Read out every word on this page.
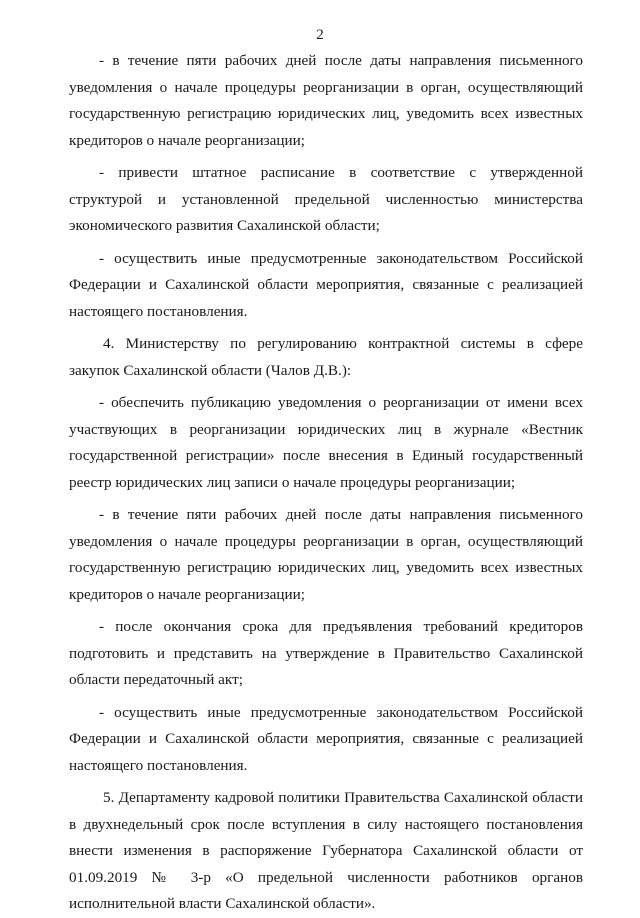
2

- в течение пяти рабочих дней после даты направления письменного уведомления о начале процедуры реорганизации в орган, осуществляющий государственную регистрацию юридических лиц, уведомить всех известных кредиторов о начале реорганизации;

- привести штатное расписание в соответствие с утвержденной структурой и установленной предельной численностью министерства экономического развития Сахалинской области;

- осуществить иные предусмотренные законодательством Российской Федерации и Сахалинской области мероприятия, связанные с реализацией настоящего постановления.

4. Министерству по регулированию контрактной системы в сфере закупок Сахалинской области (Чалов Д.В.):

- обеспечить публикацию уведомления о реорганизации от имени всех участвующих в реорганизации юридических лиц в журнале «Вестник государственной регистрации» после внесения в Единый государственный реестр юридических лиц записи о начале процедуры реорганизации;

- в течение пяти рабочих дней после даты направления письменного уведомления о начале процедуры реорганизации в орган, осуществляющий государственную регистрацию юридических лиц, уведомить всех известных кредиторов о начале реорганизации;

- после окончания срока для предъявления требований кредиторов подготовить и представить на утверждение в Правительство Сахалинской области передаточный акт;

- осуществить иные предусмотренные законодательством Российской Федерации и Сахалинской области мероприятия, связанные с реализацией настоящего постановления.

5. Департаменту кадровой политики Правительства Сахалинской области в двухнедельный срок после вступления в силу настоящего постановления внести изменения в распоряжение Губернатора Сахалинской области от 01.09.2019 № 3-р «О предельной численности работников органов исполнительной власти Сахалинской области».
